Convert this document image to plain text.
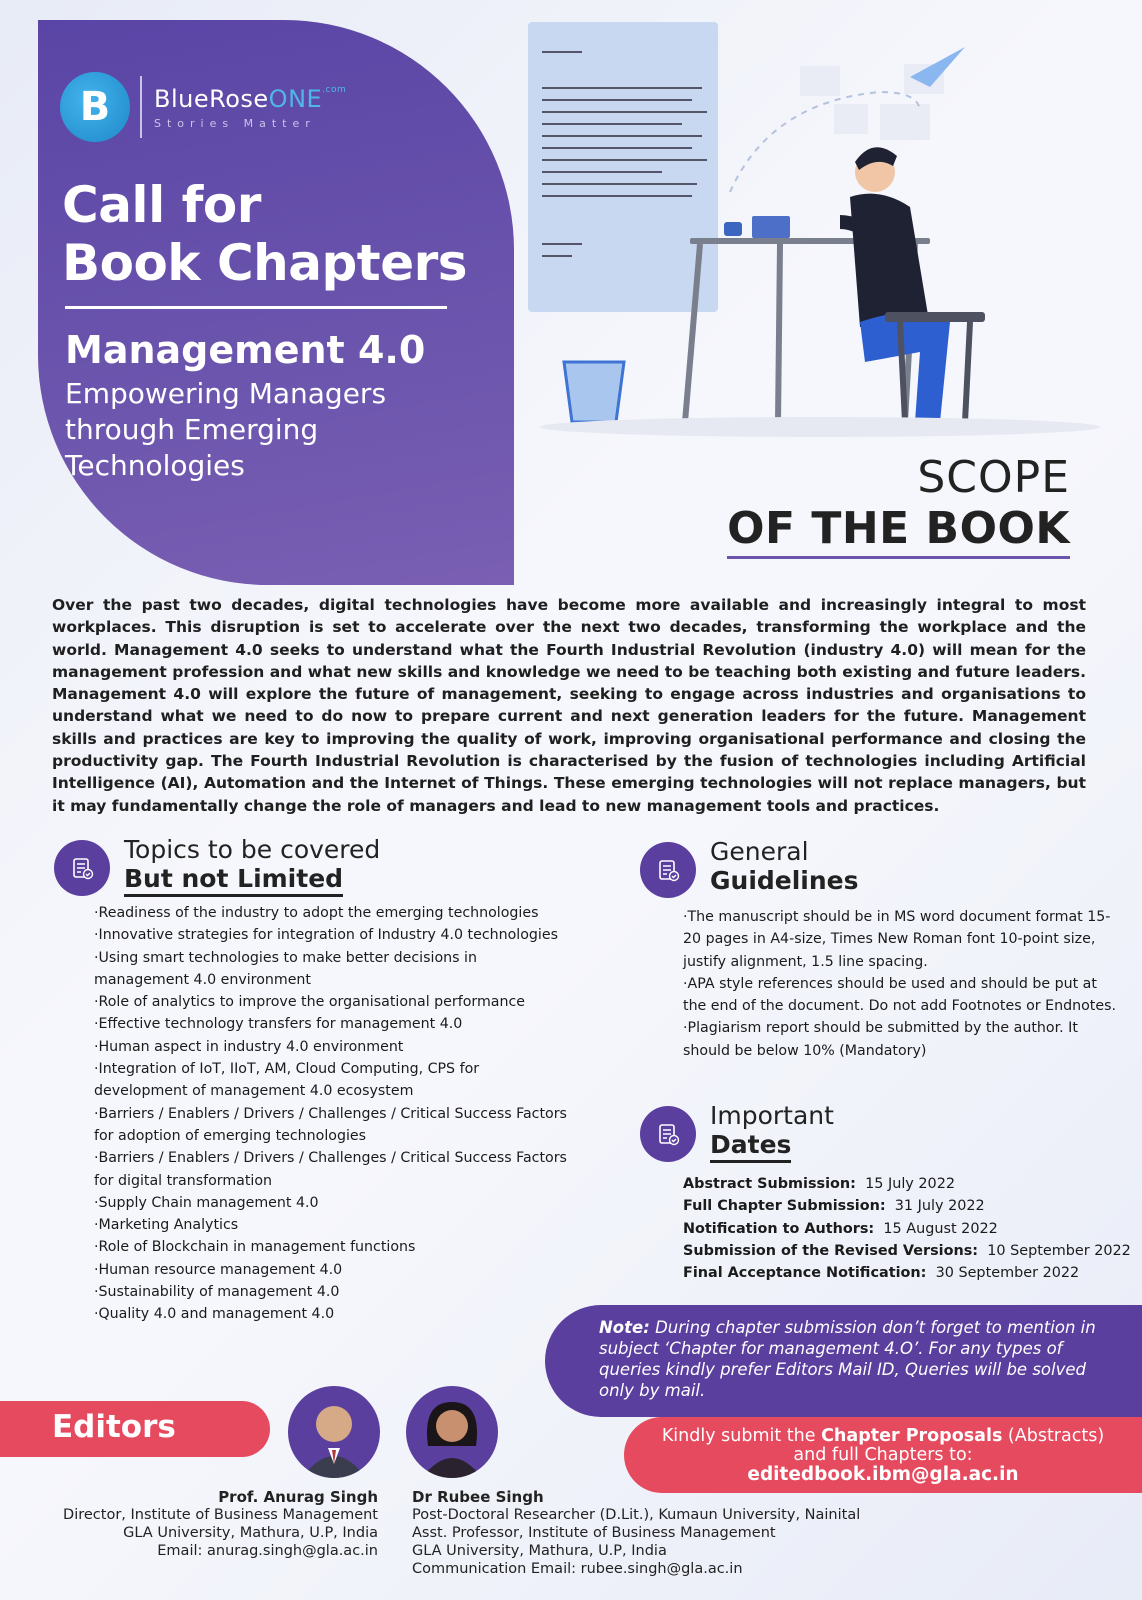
B	BlueRoseONE$^{.com}$
Stories Matter
Call for
Book Chapters
Management 4.0
Empowering Managers
through Emerging
Technologies	SCOPE
OF THE BOOK
Over the past two decades, digital technologies have become more available and increasingly integral to most workplaces. This disruption is set to accelerate over the next two decades, transforming the workplace and the world. Management 4.0 seeks to understand what the Fourth Industrial Revolution (industry 4.0) will mean for the management profession and what new skills and knowledge we need to be teaching both existing and future leaders. Management 4.0 will explore the future of management, seeking to engage across industries and organisations to understand what we need to do now to prepare current and next generation leaders for the future. Management skills and practices are key to improving the quality of work, improving organisational performance and closing the productivity gap. The Fourth Industrial Revolution is characterised by the fusion of technologies including Artificial Intelligence (AI), Automation and the Internet of Things. These emerging technologies will not replace managers, but it may fundamentally change the role of managers and lead to new management tools and practices.
Topics to be covered
But not Limited
·Readiness of the industry to adopt the emerging technologies
·Innovative strategies for integration of Industry 4.0 technologies
·Using smart technologies to make better decisions in management 4.0 environment
·Role of analytics to improve the organisational performance
·Effective technology transfers for management 4.0
·Human aspect in industry 4.0 environment
·Integration of IoT, IIoT, AM, Cloud Computing, CPS for development of management 4.0 ecosystem
·Barriers / Enablers / Drivers / Challenges / Critical Success Factors for adoption of emerging technologies
·Barriers / Enablers / Drivers / Challenges / Critical Success Factors for digital transformation
·Supply Chain management 4.0
·Marketing Analytics
·Role of Blockchain in management functions
·Human resource management 4.0
·Sustainability of management 4.0
·Quality 4.0 and management 4.0
General
Guidelines
·The manuscript should be in MS word document format 15-20 pages in A4-size, Times New Roman font 10-point size, justify alignment, 1.5 line spacing.
·APA style references should be used and should be put at the end of the document. Do not add Footnotes or Endnotes.
·Plagiarism report should be submitted by the author. It should be below 10% (Mandatory)
Important
Dates
Abstract Submission: 15 July 2022
Full Chapter Submission: 31 July 2022
Notification to Authors: 15 August 2022
Submission of the Revised Versions: 10 September 2022
Final Acceptance Notification: 30 September 2022
Note: During chapter submission don’t forget to mention in subject ‘Chapter for management 4.O’. For any types of queries kindly prefer Editors Mail ID, Queries will be solved only by mail.
Kindly submit the Chapter Proposals (Abstracts)
and full Chapters to:
editedbook.ibm@gla.ac.in
Editors
Prof. Anurag Singh
Director, Institute of Business Management
GLA University, Mathura, U.P, India
Email: anurag.singh@gla.ac.in
Dr Rubee Singh
Post-Doctoral Researcher (D.Lit.), Kumaun University, Nainital
Asst. Professor, Institute of Business Management
GLA University, Mathura, U.P, India
Communication Email: rubee.singh@gla.ac.in
